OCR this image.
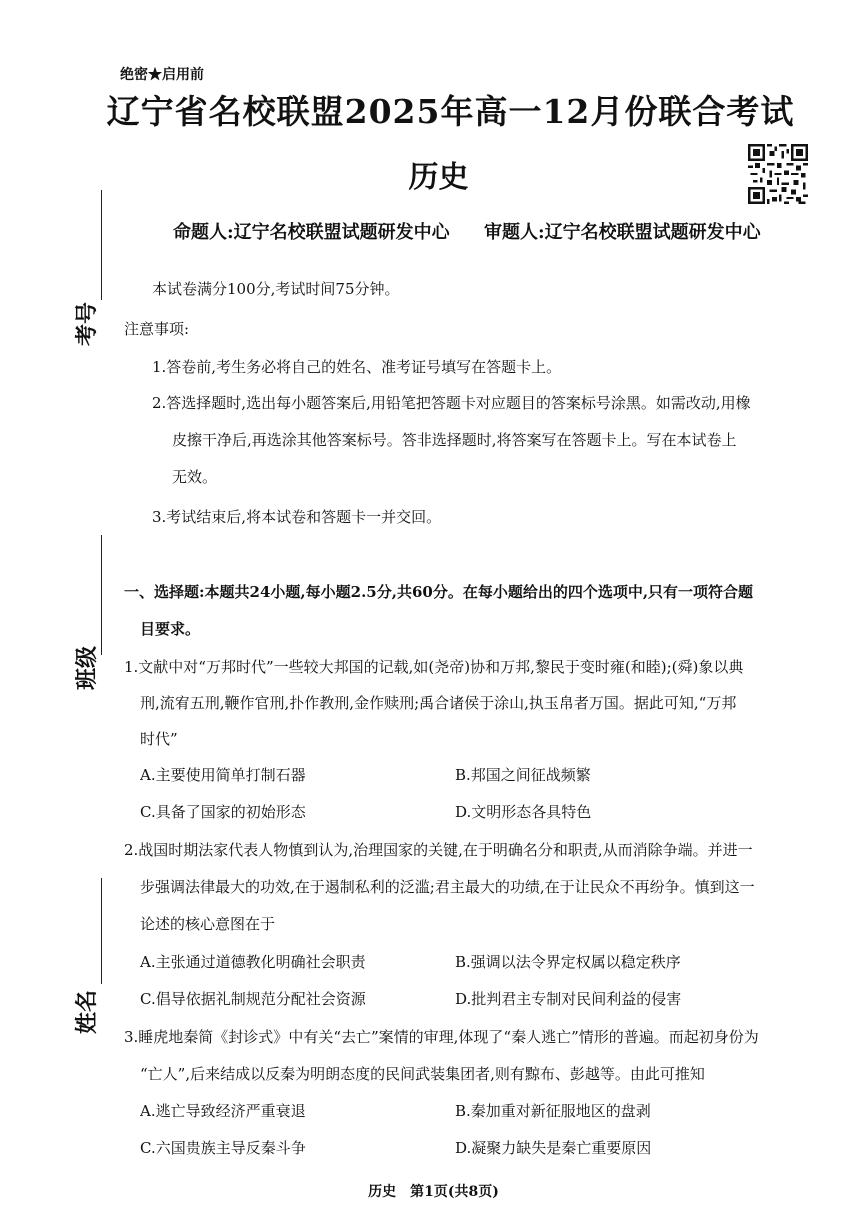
绝密★启用前
辽宁省名校联盟2025年高一12月份联合考试
历史
命题人:辽宁名校联盟试题研发中心 审题人:辽宁名校联盟试题研发中心
考号
班级
姓名
本试卷满分100分,考试时间75分钟。
注意事项:
1.答卷前,考生务必将自己的姓名、准考证号填写在答题卡上。
2.答选择题时,选出每小题答案后,用铅笔把答题卡对应题目的答案标号涂黑。如需改动,用橡
皮擦干净后,再选涂其他答案标号。答非选择题时,将答案写在答题卡上。写在本试卷上
无效。
3.考试结束后,将本试卷和答题卡一并交回。
一、选择题:本题共24小题,每小题2.5分,共60分。在每小题给出的四个选项中,只有一项符合题
目要求。
1.文献中对“万邦时代”一些较大邦国的记载,如(尧帝)协和万邦,黎民于变时雍(和睦);(舜)象以典
刑,流宥五刑,鞭作官刑,扑作教刑,金作赎刑;禹合诸侯于涂山,执玉帛者万国。据此可知,“万邦
时代”
A.主要使用简单打制石器	B.邦国之间征战频繁
C.具备了国家的初始形态	D.文明形态各具特色
2.战国时期法家代表人物慎到认为,治理国家的关键,在于明确名分和职责,从而消除争端。并进一
步强调法律最大的功效,在于遏制私利的泛滥;君主最大的功绩,在于让民众不再纷争。慎到这一
论述的核心意图在于
A.主张通过道德教化明确社会职责	B.强调以法令界定权属以稳定秩序
C.倡导依据礼制规范分配社会资源	D.批判君主专制对民间利益的侵害
3.睡虎地秦简《封诊式》中有关“去亡”案情的审理,体现了“秦人逃亡”情形的普遍。而起初身份为
“亡人”,后来结成以反秦为明朗态度的民间武装集团者,则有黥布、彭越等。由此可推知
A.逃亡导致经济严重衰退	B.秦加重对新征服地区的盘剥
C.六国贵族主导反秦斗争	D.凝聚力缺失是秦亡重要原因
历史　第1页(共8页)
